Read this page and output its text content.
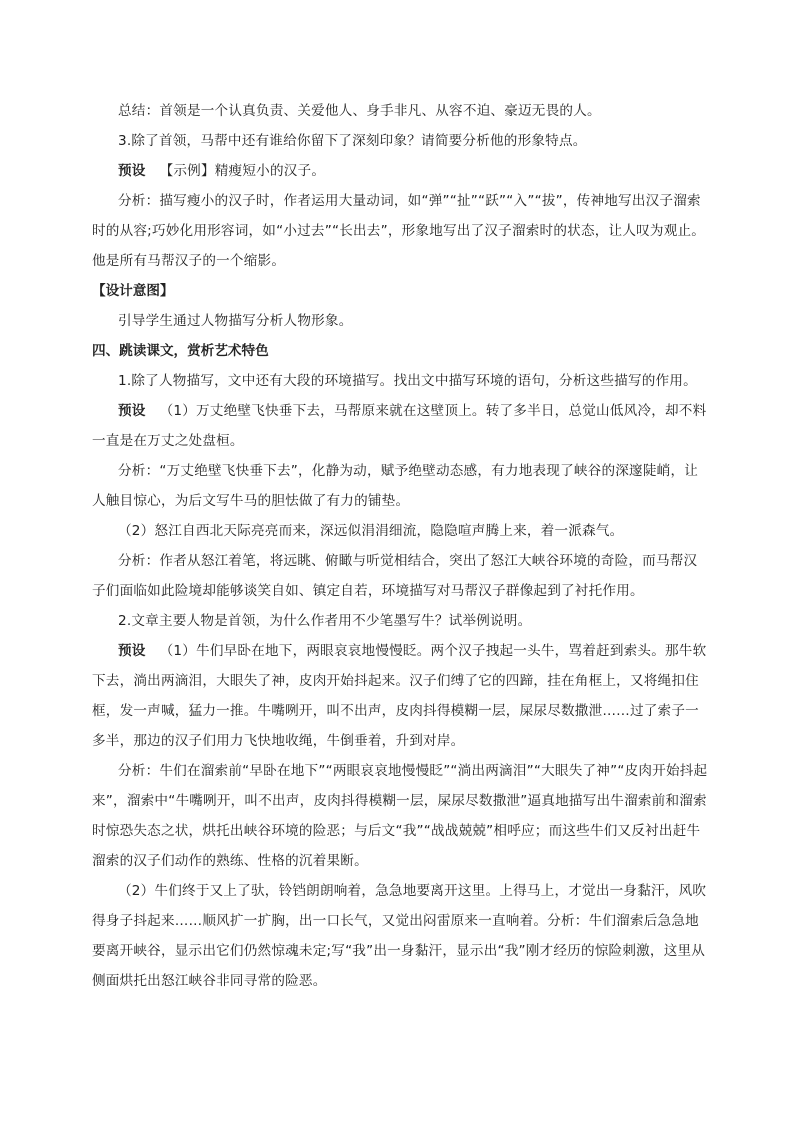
总结：首领是一个认真负责、关爱他人、身手非凡、从容不迫、豪迈无畏的人。

3.除了首领，马帮中还有谁给你留下了深刻印象？请简要分析他的形象特点。

预设 【示例】精瘦短小的汉子。

分析：描写瘦小的汉子时，作者运用大量动词，如“弹”“扯”“跃”“入”“拔”，传神地写出汉子溜索时的从容;巧妙化用形容词，如“小过去”“长出去”，形象地写出了汉子溜索时的状态，让人叹为观止。他是所有马帮汉子的一个缩影。

【设计意图】

引导学生通过人物描写分析人物形象。

四、跳读课文，赏析艺术特色

1.除了人物描写，文中还有大段的环境描写。找出文中描写环境的语句，分析这些描写的作用。

预设 （1）万丈绝壁飞快垂下去，马帮原来就在这壁顶上。转了多半日，总觉山低风冷，却不料一直是在万丈之处盘桓。

分析：“万丈绝壁飞快垂下去”，化静为动，赋予绝壁动态感，有力地表现了峡谷的深邃陡峭，让人触目惊心，为后文写牛马的胆怯做了有力的铺垫。

（2）怒江自西北天际亮亮而来，深远似涓涓细流，隐隐喧声腾上来，着一派森气。

分析：作者从怒江着笔，将远眺、俯瞰与听觉相结合，突出了怒江大峡谷环境的奇险，而马帮汉子们面临如此险境却能够谈笑自如、镇定自若，环境描写对马帮汉子群像起到了衬托作用。

2.文章主要人物是首领，为什么作者用不少笔墨写牛？试举例说明。

预设 （1）牛们早卧在地下，两眼哀哀地慢慢眨。两个汉子拽起一头牛，骂着赶到索头。那牛软下去，淌出两滴泪，大眼失了神，皮肉开始抖起来。汉子们缚了它的四蹄，挂在角框上，又将绳扣住框，发一声喊，猛力一推。牛嘴咧开，叫不出声，皮肉抖得模糊一层，屎尿尽数撒泄……过了索子一多半，那边的汉子们用力飞快地收绳，牛倒垂着，升到对岸。

分析：牛们在溜索前“早卧在地下”“两眼哀哀地慢慢眨”“淌出两滴泪”“大眼失了神”“皮肉开始抖起来”，溜索中“牛嘴咧开，叫不出声，皮肉抖得模糊一层，屎尿尽数撒泄”逼真地描写出牛溜索前和溜索时惊恐失态之状，烘托出峡谷环境的险恶；与后文“我”“战战兢兢”相呼应；而这些牛们又反衬出赶牛溜索的汉子们动作的熟练、性格的沉着果断。

（2）牛们终于又上了驮，铃铛朗朗响着，急急地要离开这里。上得马上，才觉出一身黏汗，风吹得身子抖起来……顺风扩一扩胸，出一口长气，又觉出闷雷原来一直响着。分析：牛们溜索后急急地要离开峡谷，显示出它们仍然惊魂未定;写“我”出一身黏汗，显示出“我”刚才经历的惊险刺激，这里从侧面烘托出怒江峡谷非同寻常的险恶。
